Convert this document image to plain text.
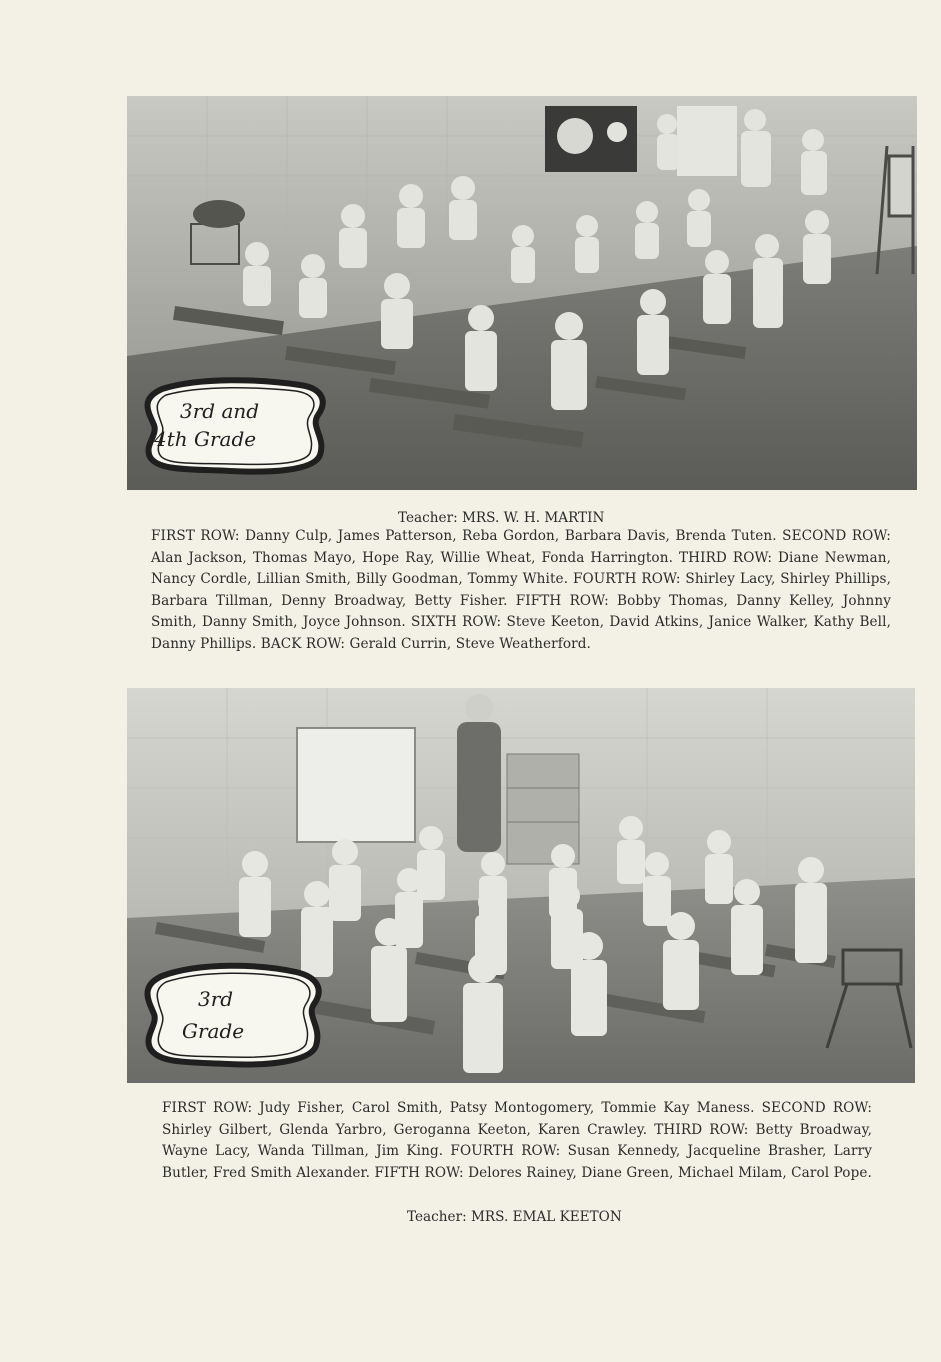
3rd and
4th Grade
Teacher: MRS. W. H. MARTIN
FIRST ROW: Danny Culp, James Patterson, Reba Gordon, Barbara Davis, Brenda Tuten. SECOND ROW: Alan Jackson, Thomas Mayo, Hope Ray, Willie Wheat, Fonda Harrington. THIRD ROW: Diane Newman, Nancy Cordle, Lillian Smith, Billy Goodman, Tommy White. FOURTH ROW: Shirley Lacy, Shirley Phillips, Barbara Tillman, Denny Broadway, Betty Fisher. FIFTH ROW: Bobby Thomas, Danny Kelley, Johnny Smith, Danny Smith, Joyce Johnson. SIXTH ROW: Steve Keeton, David Atkins, Janice Walker, Kathy Bell, Danny Phillips. BACK ROW: Gerald Currin, Steve Weatherford.
3rd
Grade
FIRST ROW: Judy Fisher, Carol Smith, Patsy Montogomery, Tommie Kay Maness. SECOND ROW: Shirley Gilbert, Glenda Yarbro, Geroganna Keeton, Karen Crawley. THIRD ROW: Betty Broadway, Wayne Lacy, Wanda Tillman, Jim King. FOURTH ROW: Susan Kennedy, Jacqueline Brasher, Larry Butler, Fred Smith Alexander. FIFTH ROW: Delores Rainey, Diane Green, Michael Milam, Carol Pope.
Teacher: MRS. EMAL KEETON
